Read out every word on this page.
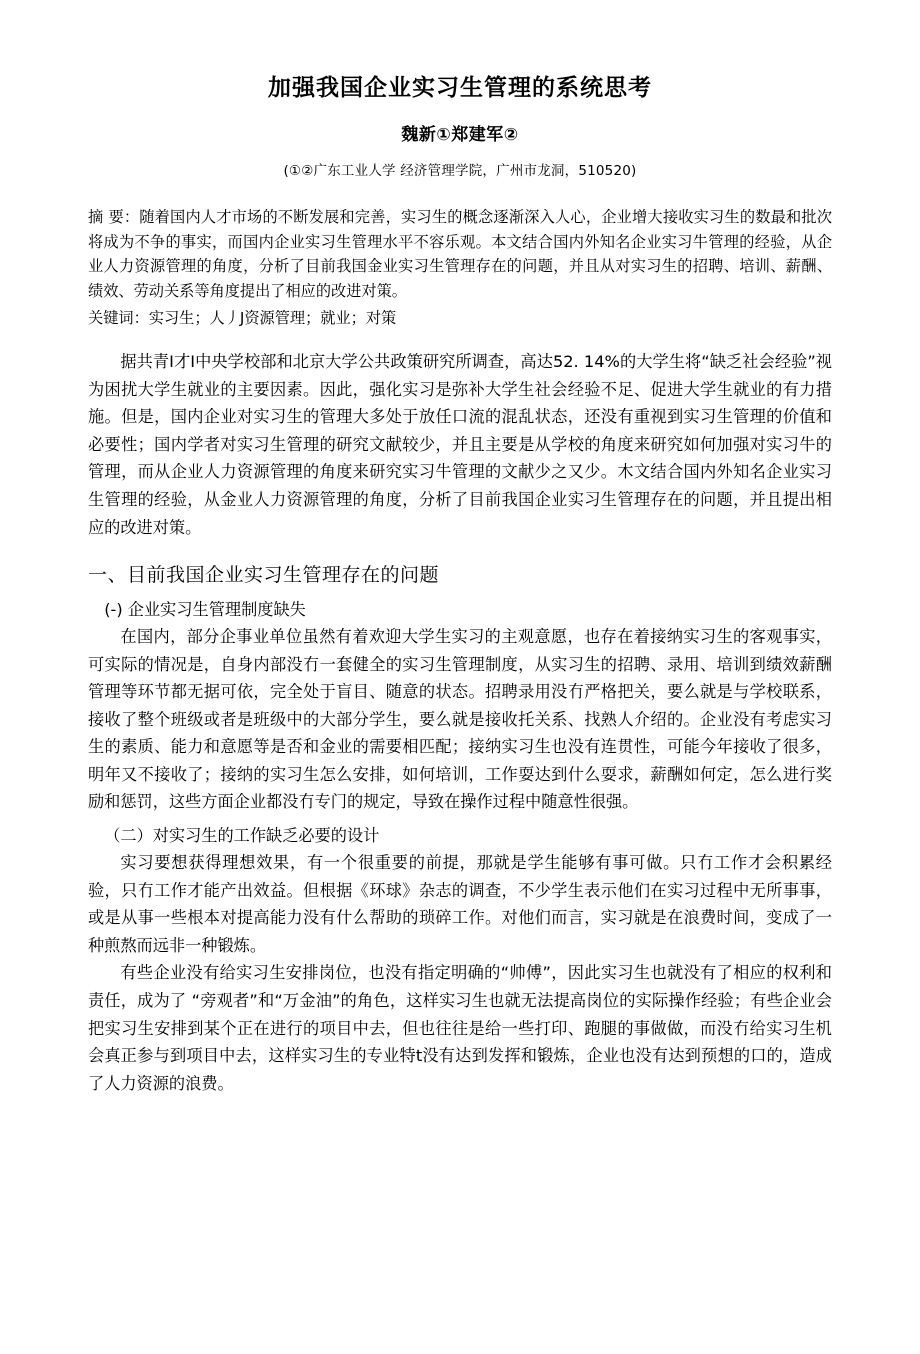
加强我国企业实习生管理的系统思考
魏新①郑建军②
(①②广东工业人学 经济管理学院，广州市龙洞，510520)
摘 要：随着国内人才市场的不断发展和完善，实习生的概念逐渐深入人心，企业增大接收实习生的数最和批次将成为不争的事实，而国内企业实习生管理水平不容乐观。本文结合国内外知名企业实习牛管理的经验，从企业人力资源管理的角度，分析了目前我国金业实习生管理存在的问题，并且从对实习生的招聘、培训、薪酬、绩效、劳动关系等角度提出了相应的改进对策。
关键词：实习生；人丿J资源管理；就业；对策

据共青I才I中央学校部和北京大学公共政策研究所调查，高达52. 14%的大学生将“缺乏社会经验”视为困扰大学生就业的主要因素。因此，强化实习是弥补大学生社会经验不足、促进大学生就业的有力措施。但是，国内企业对实习生的管理大多处于放任口流的混乱状态，还没有重视到实习生管理的价值和必要性；国内学者对实习生管理的研究文献较少，并且主要是从学校的角度来研究如何加强对实习牛的管理，而从企业人力资源管理的角度来研究实习牛管理的文献少之又少。木文结合国内外知名企业实习生管理的经验，从金业人力资源管理的角度，分析了目前我国企业实习生管理存在的问题，并且提出相应的改进对策。

一、目前我国企业实习生管理存在的问题
(-) 企业实习生管理制度缺失

在国内，部分企事业单位虽然有着欢迎大学生实习的主观意愿，也存在着接纳实习生的客观事实，可实际的情况是，自身内部没冇一套健全的实习生管理制度，从实习生的招聘、录用、培训到绩效薪酬管理等环节都无据可依，完全处于盲目、随意的状态。招聘录用没冇严格把关，要么就是与学校联系，接收了整个班级或者是班级中的大部分学生，要么就是接收托关系、找熟人介绍的。企业没有考虑实习生的素质、能力和意愿等是否和金业的需要相匹配；接纳实习生也没有连贯性，可能今年接收了很多，明年又不接收了；接纳的实习生怎么安排，如何培训，工作耍达到什么耍求，薪酬如何定，怎么进行奖励和惩罚，这些方面企业都没冇专门的规定，导致在操作过程中随意性很强。

（二）对实习生的工作缺乏必要的设计

实习要想获得理想效果，有一个很重要的前提，那就是学生能够有事可做。只冇工作才会积累经验，只冇工作才能产出效益。但根据《环球》杂志的调查，不少学生表示他们在实习过程中无所事事，或是从事一些根本对提高能力没有什么帮助的琐碎工作。对他们而言，实习就是在浪费时间，变成了一种煎熬而远非一种锻炼。

有些企业没有给实习生安排岗位，也没有指定明确的“帅傅”，因此实习生也就没有了相应的权利和责任，成为了 “旁观者”和“万金油”的角色，这样实习生也就无法提高岗位的实际操作经验；有些企业会把实习生安排到某个正在进行的项目中去，但也往往是给一些打印、跑腿的事做做，而没冇给实习生机会真正参与到项目中去，这样实习生的专业特t没有达到发挥和锻炼，企业也没有达到预想的口的，造成了人力资源的浪费。
